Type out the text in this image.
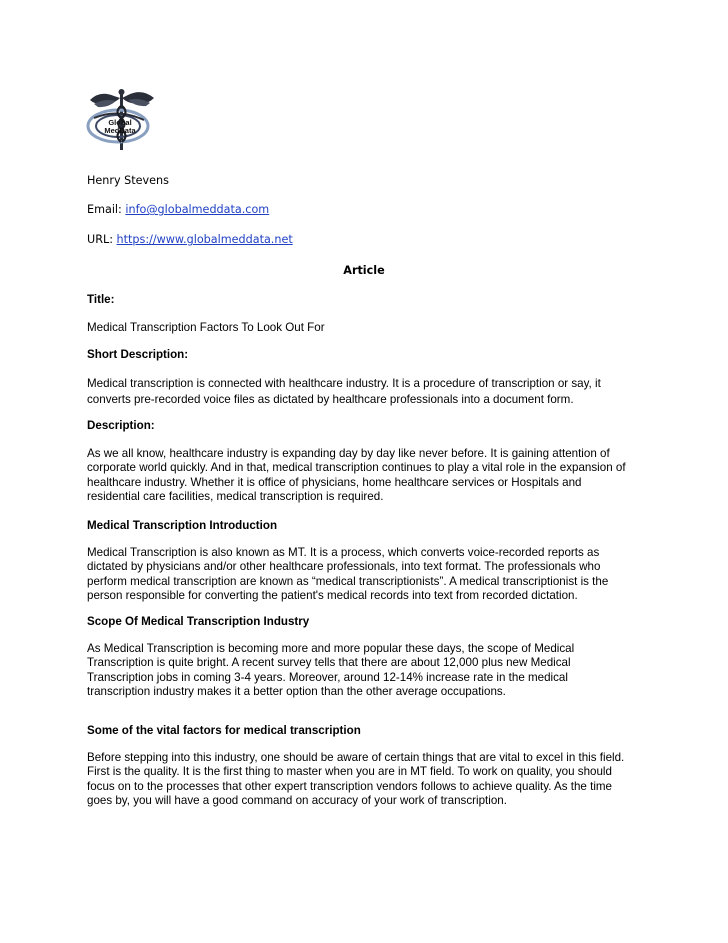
Global
MedData

Henry Stevens

Email: info@globalmeddata.com

URL: https://www.globalmeddata.net

Article

Title:

Medical Transcription Factors To Look Out For

Short Description:

Medical transcription is connected with healthcare industry. It is a procedure of transcription or say, it
converts pre-recorded voice files as dictated by healthcare professionals into a document form.

Description:

As we all know, healthcare industry is expanding day by day like never before. It is gaining attention of
corporate world quickly. And in that, medical transcription continues to play a vital role in the expansion of
healthcare industry. Whether it is office of physicians, home healthcare services or Hospitals and
residential care facilities, medical transcription is required.

Medical Transcription Introduction

Medical Transcription is also known as MT. It is a process, which converts voice-recorded reports as
dictated by physicians and/or other healthcare professionals, into text format. The professionals who
perform medical transcription are known as “medical transcriptionists”. A medical transcriptionist is the
person responsible for converting the patient's medical records into text from recorded dictation.

Scope Of Medical Transcription Industry

As Medical Transcription is becoming more and more popular these days, the scope of Medical
Transcription is quite bright. A recent survey tells that there are about 12,000 plus new Medical
Transcription jobs in coming 3-4 years. Moreover, around 12-14% increase rate in the medical
transcription industry makes it a better option than the other average occupations.

Some of the vital factors for medical transcription

Before stepping into this industry, one should be aware of certain things that are vital to excel in this field.
First is the quality. It is the first thing to master when you are in MT field. To work on quality, you should
focus on to the processes that other expert transcription vendors follows to achieve quality. As the time
goes by, you will have a good command on accuracy of your work of transcription.
